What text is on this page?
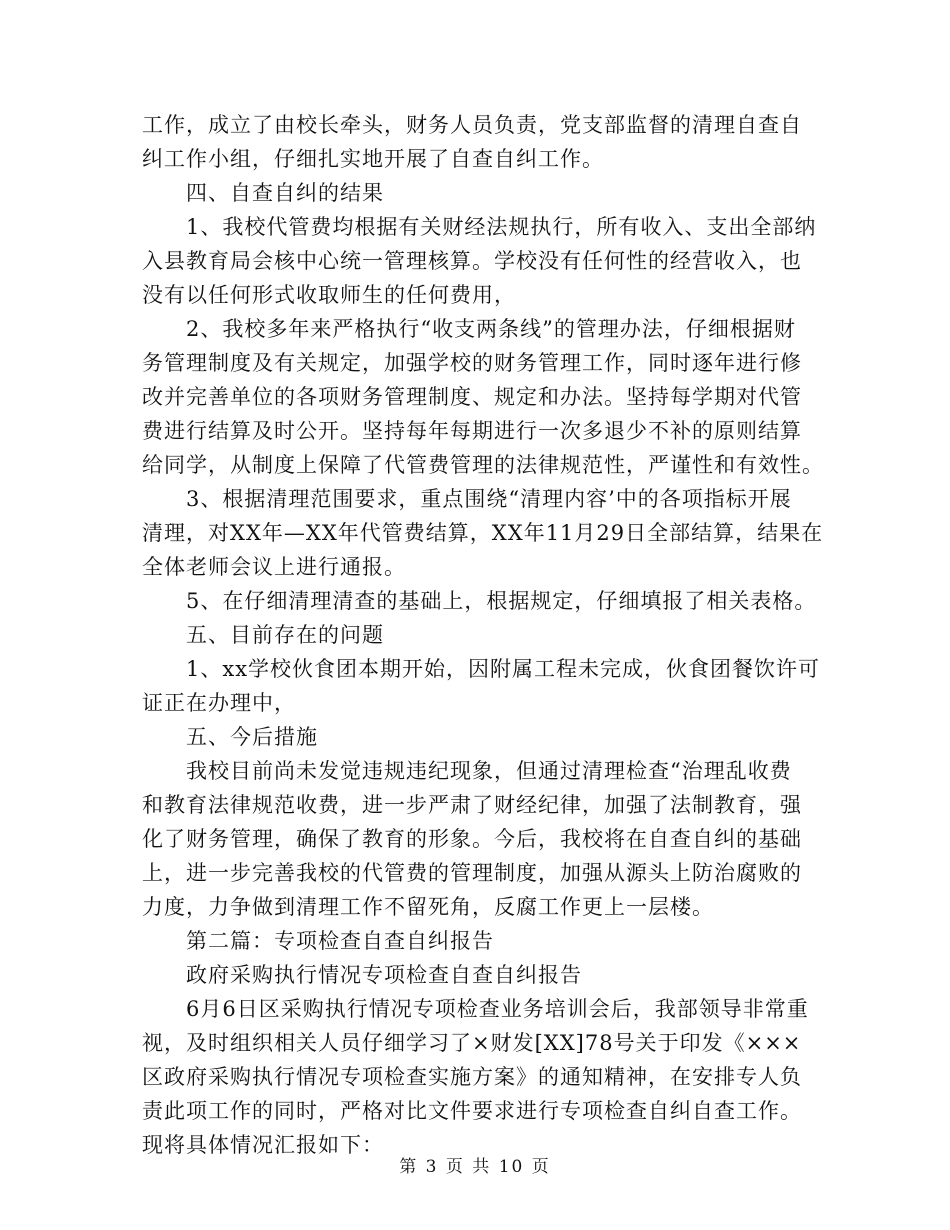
工作，成立了由校长牵头，财务人员负责，党支部监督的清理自查自
纠工作小组，仔细扎实地开展了自查自纠工作。
四、自查自纠的结果
1、我校代管费均根据有关财经法规执行，所有收入、支出全部纳
入县教育局会核中心统一管理核算。学校没有任何性的经营收入，也
没有以任何形式收取师生的任何费用，
2、我校多年来严格执行“收支两条线”的管理办法，仔细根据财
务管理制度及有关规定，加强学校的财务管理工作，同时逐年进行修
改并完善单位的各项财务管理制度、规定和办法。坚持每学期对代管
费进行结算及时公开。坚持每年每期进行一次多退少不补的原则结算
给同学，从制度上保障了代管费管理的法律规范性，严谨性和有效性。
3、根据清理范围要求，重点围绕“清理内容’中的各项指标开展
清理，对XX年—XX年代管费结算，XX年11月29日全部结算，结果在
全体老师会议上进行通报。
5、在仔细清理清查的基础上，根据规定，仔细填报了相关表格。
五、目前存在的问题
1、xx学校伙食团本期开始，因附属工程未完成，伙食团餐饮许可
证正在办理中，
五、今后措施
我校目前尚未发觉违规违纪现象，但通过清理检查“治理乱收费
和教育法律规范收费，进一步严肃了财经纪律，加强了法制教育，强
化了财务管理，确保了教育的形象。今后，我校将在自查自纠的基础
上，进一步完善我校的代管费的管理制度，加强从源头上防治腐败的
力度，力争做到清理工作不留死角，反腐工作更上一层楼。
第二篇：专项检查自查自纠报告
政府采购执行情况专项检查自查自纠报告
6月6日区采购执行情况专项检查业务培训会后，我部领导非常重
视，及时组织相关人员仔细学习了×财发[XX]78号关于印发《×××
区政府采购执行情况专项检查实施方案》的通知精神，在安排专人负
责此项工作的同时，严格对比文件要求进行专项检查自纠自查工作。
现将具体情况汇报如下：
第 3 页 共 10 页
